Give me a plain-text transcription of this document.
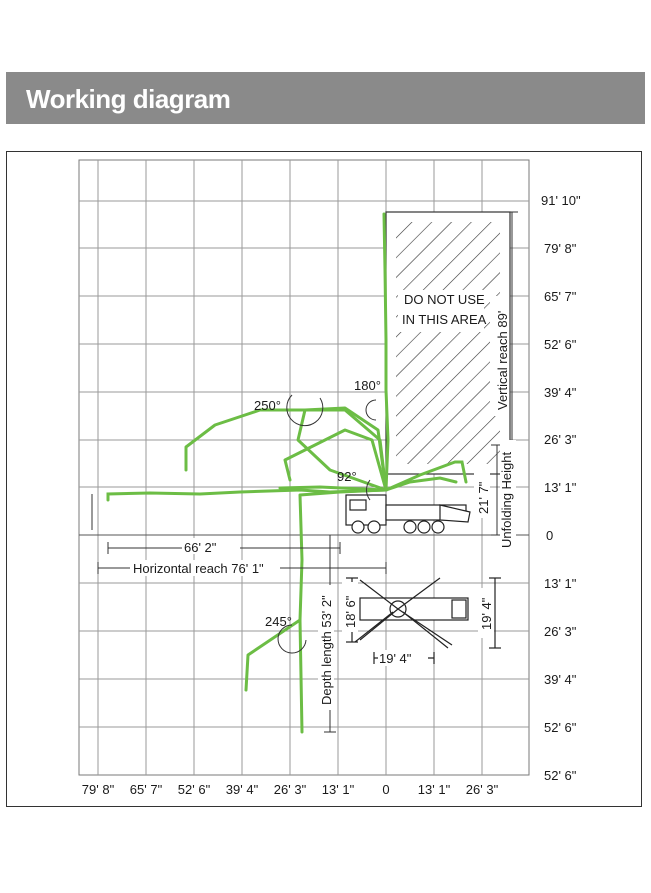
Working diagram
91' 10"
79' 8"
65' 7"
52' 6"
39' 4"
26' 3"
13' 1"
0
13' 1"
26' 3"
39' 4"
52' 6"
52' 6"
79' 8" 65' 7" 52' 6" 39' 4" 26' 3" 13' 1" 0 13' 1" 26' 3"
DO NOT USE
IN THIS AREA Vertical reach 89'
Unfolding Height
21' 7"
180°
250°
92°
245°
66' 2"
Horizontal reach 76' 1"
Depth length 53' 2" 18' 6"	19' 4"
19' 4"
